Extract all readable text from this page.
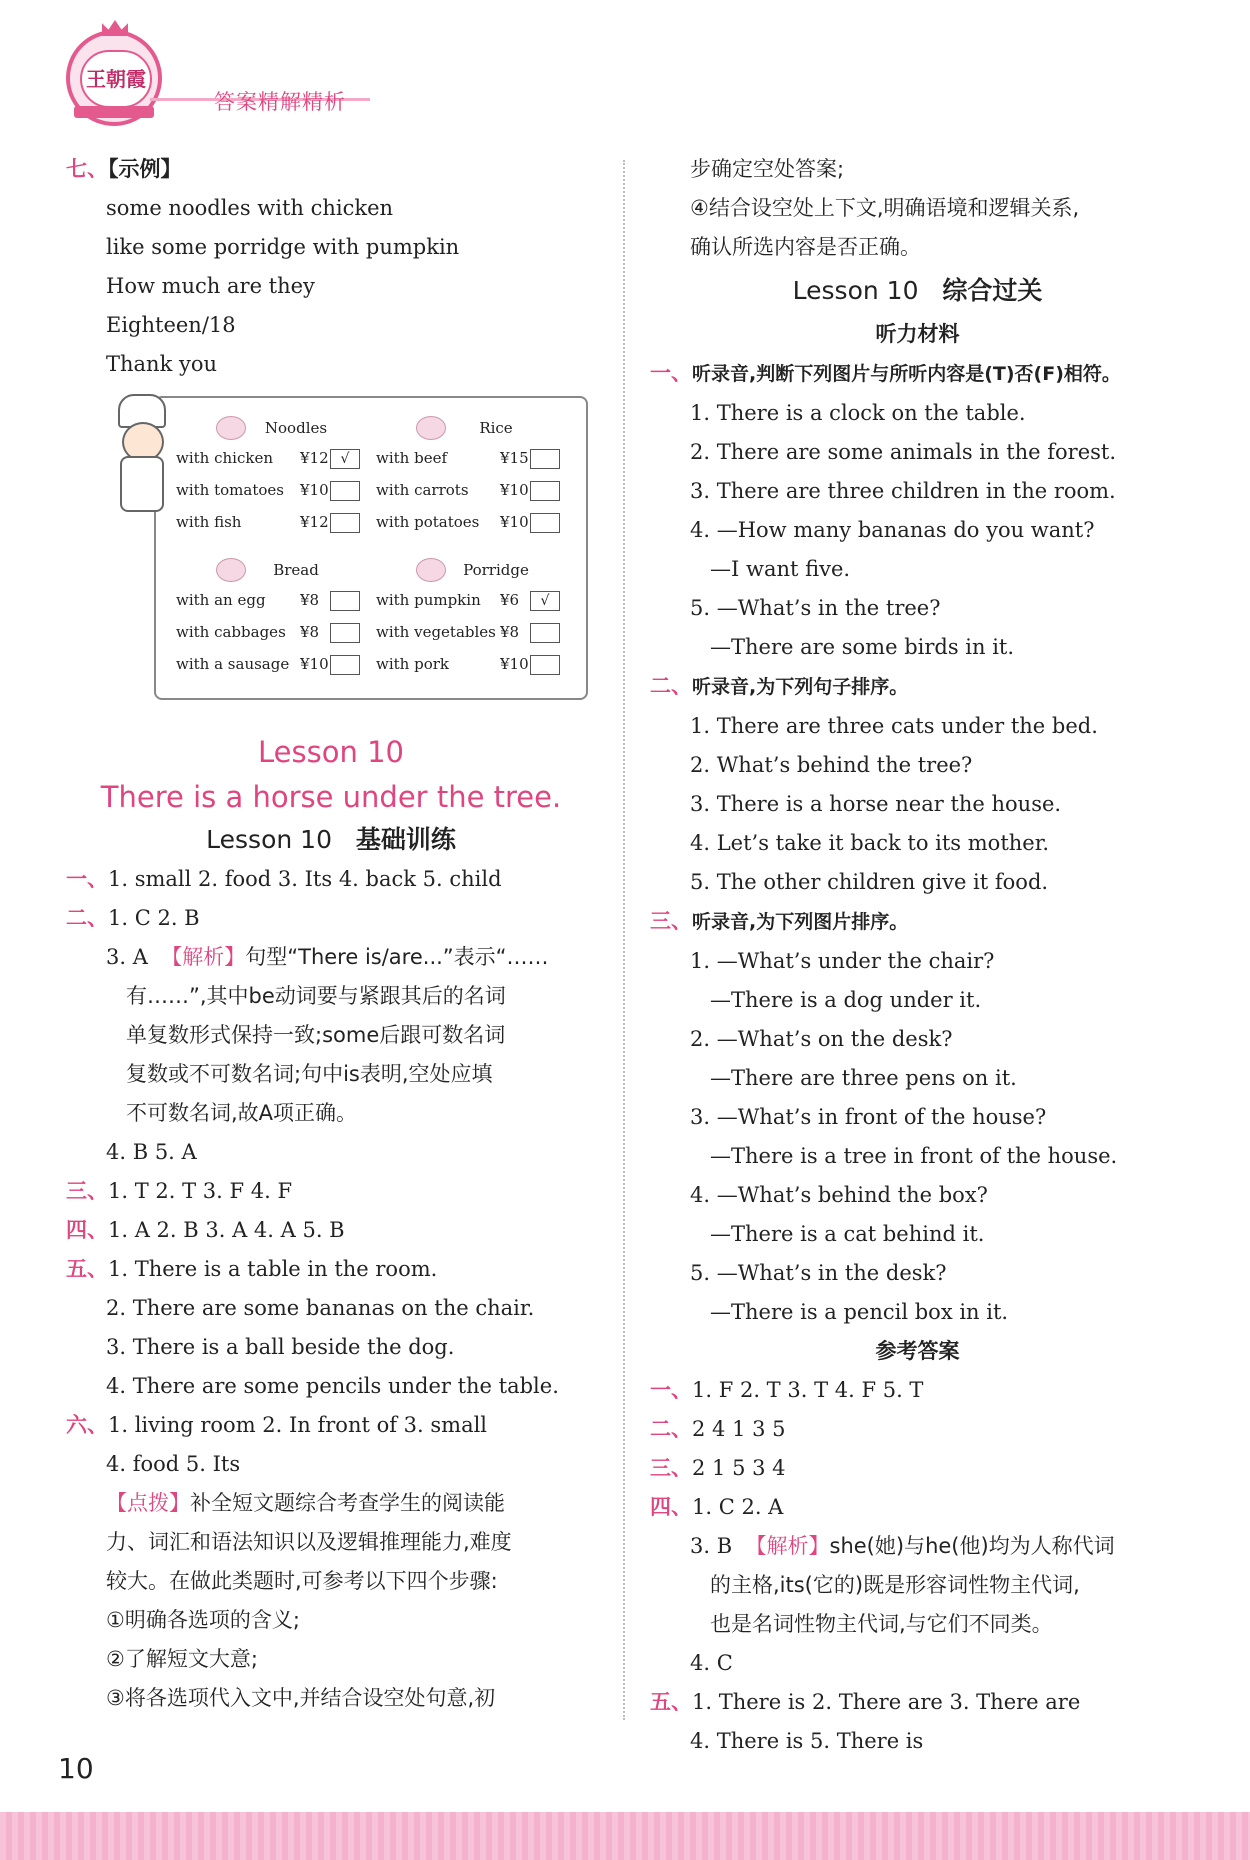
王朝霞
答案精解精析
七、【示例】
some noodles with chicken
like some porridge with pumpkin
How much are they
Eighteen/18
Thank you
Noodles
with chicken ¥12 √
with tomatoes ¥10
with fish	¥12
Rice
with beef	¥15
with carrots ¥10
with potatoes ¥10
Bread
with an egg ¥8
with cabbages ¥8
with a sausage ¥10
Porridge
with pumpkin ¥6	√
with vegetables ¥8
with pork	¥10
Lesson 10
There is a horse under the tree.
Lesson 10 基础训练
一、1. small 2. food 3. Its 4. back 5. child
二、1. C 2. B
3. A 【解析】句型“There is/are...”表示“……
有……”,其中be动词要与紧跟其后的名词
单复数形式保持一致;some后跟可数名词
复数或不可数名词;句中is表明,空处应填
不可数名词,故A项正确。
4. B 5. A
三、1. T 2. T 3. F 4. F
四、1. A 2. B 3. A 4. A 5. B
五、1. There is a table in the room.
2. There are some bananas on the chair.
3. There is a ball beside the dog.
4. There are some pencils under the table.
六、1. living room 2. In front of 3. small
4. food 5. Its
【点拨】补全短文题综合考查学生的阅读能
力、词汇和语法知识以及逻辑推理能力,难度
较大。在做此类题时,可参考以下四个步骤:
①明确各选项的含义;
②了解短文大意;
③将各选项代入文中,并结合设空处句意,初
步确定空处答案;
④结合设空处上下文,明确语境和逻辑关系,
确认所选内容是否正确。
Lesson 10 综合过关
听力材料
一、听录音,判断下列图片与所听内容是(T)否(F)相符。
1. There is a clock on the table.
2. There are some animals in the forest.
3. There are three children in the room.
4. —How many bananas do you want?
—I want five.
5. —What’s in the tree?
—There are some birds in it.
二、听录音,为下列句子排序。
1. There are three cats under the bed.
2. What’s behind the tree?
3. There is a horse near the house.
4. Let’s take it back to its mother.
5. The other children give it food.
三、听录音,为下列图片排序。
1. —What’s under the chair?
—There is a dog under it.
2. —What’s on the desk?
—There are three pens on it.
3. —What’s in front of the house?
—There is a tree in front of the house.
4. —What’s behind the box?
—There is a cat behind it.
5. —What’s in the desk?
—There is a pencil box in it.
参考答案
一、1. F 2. T 3. T 4. F 5. T
二、2 4 1 3 5
三、2 1 5 3 4
四、1. C 2. A
3. B 【解析】she(她)与he(他)均为人称代词
的主格,its(它的)既是形容词性物主代词,
也是名词性物主代词,与它们不同类。
4. C
五、1. There is 2. There are 3. There are
4. There is 5. There is
10
